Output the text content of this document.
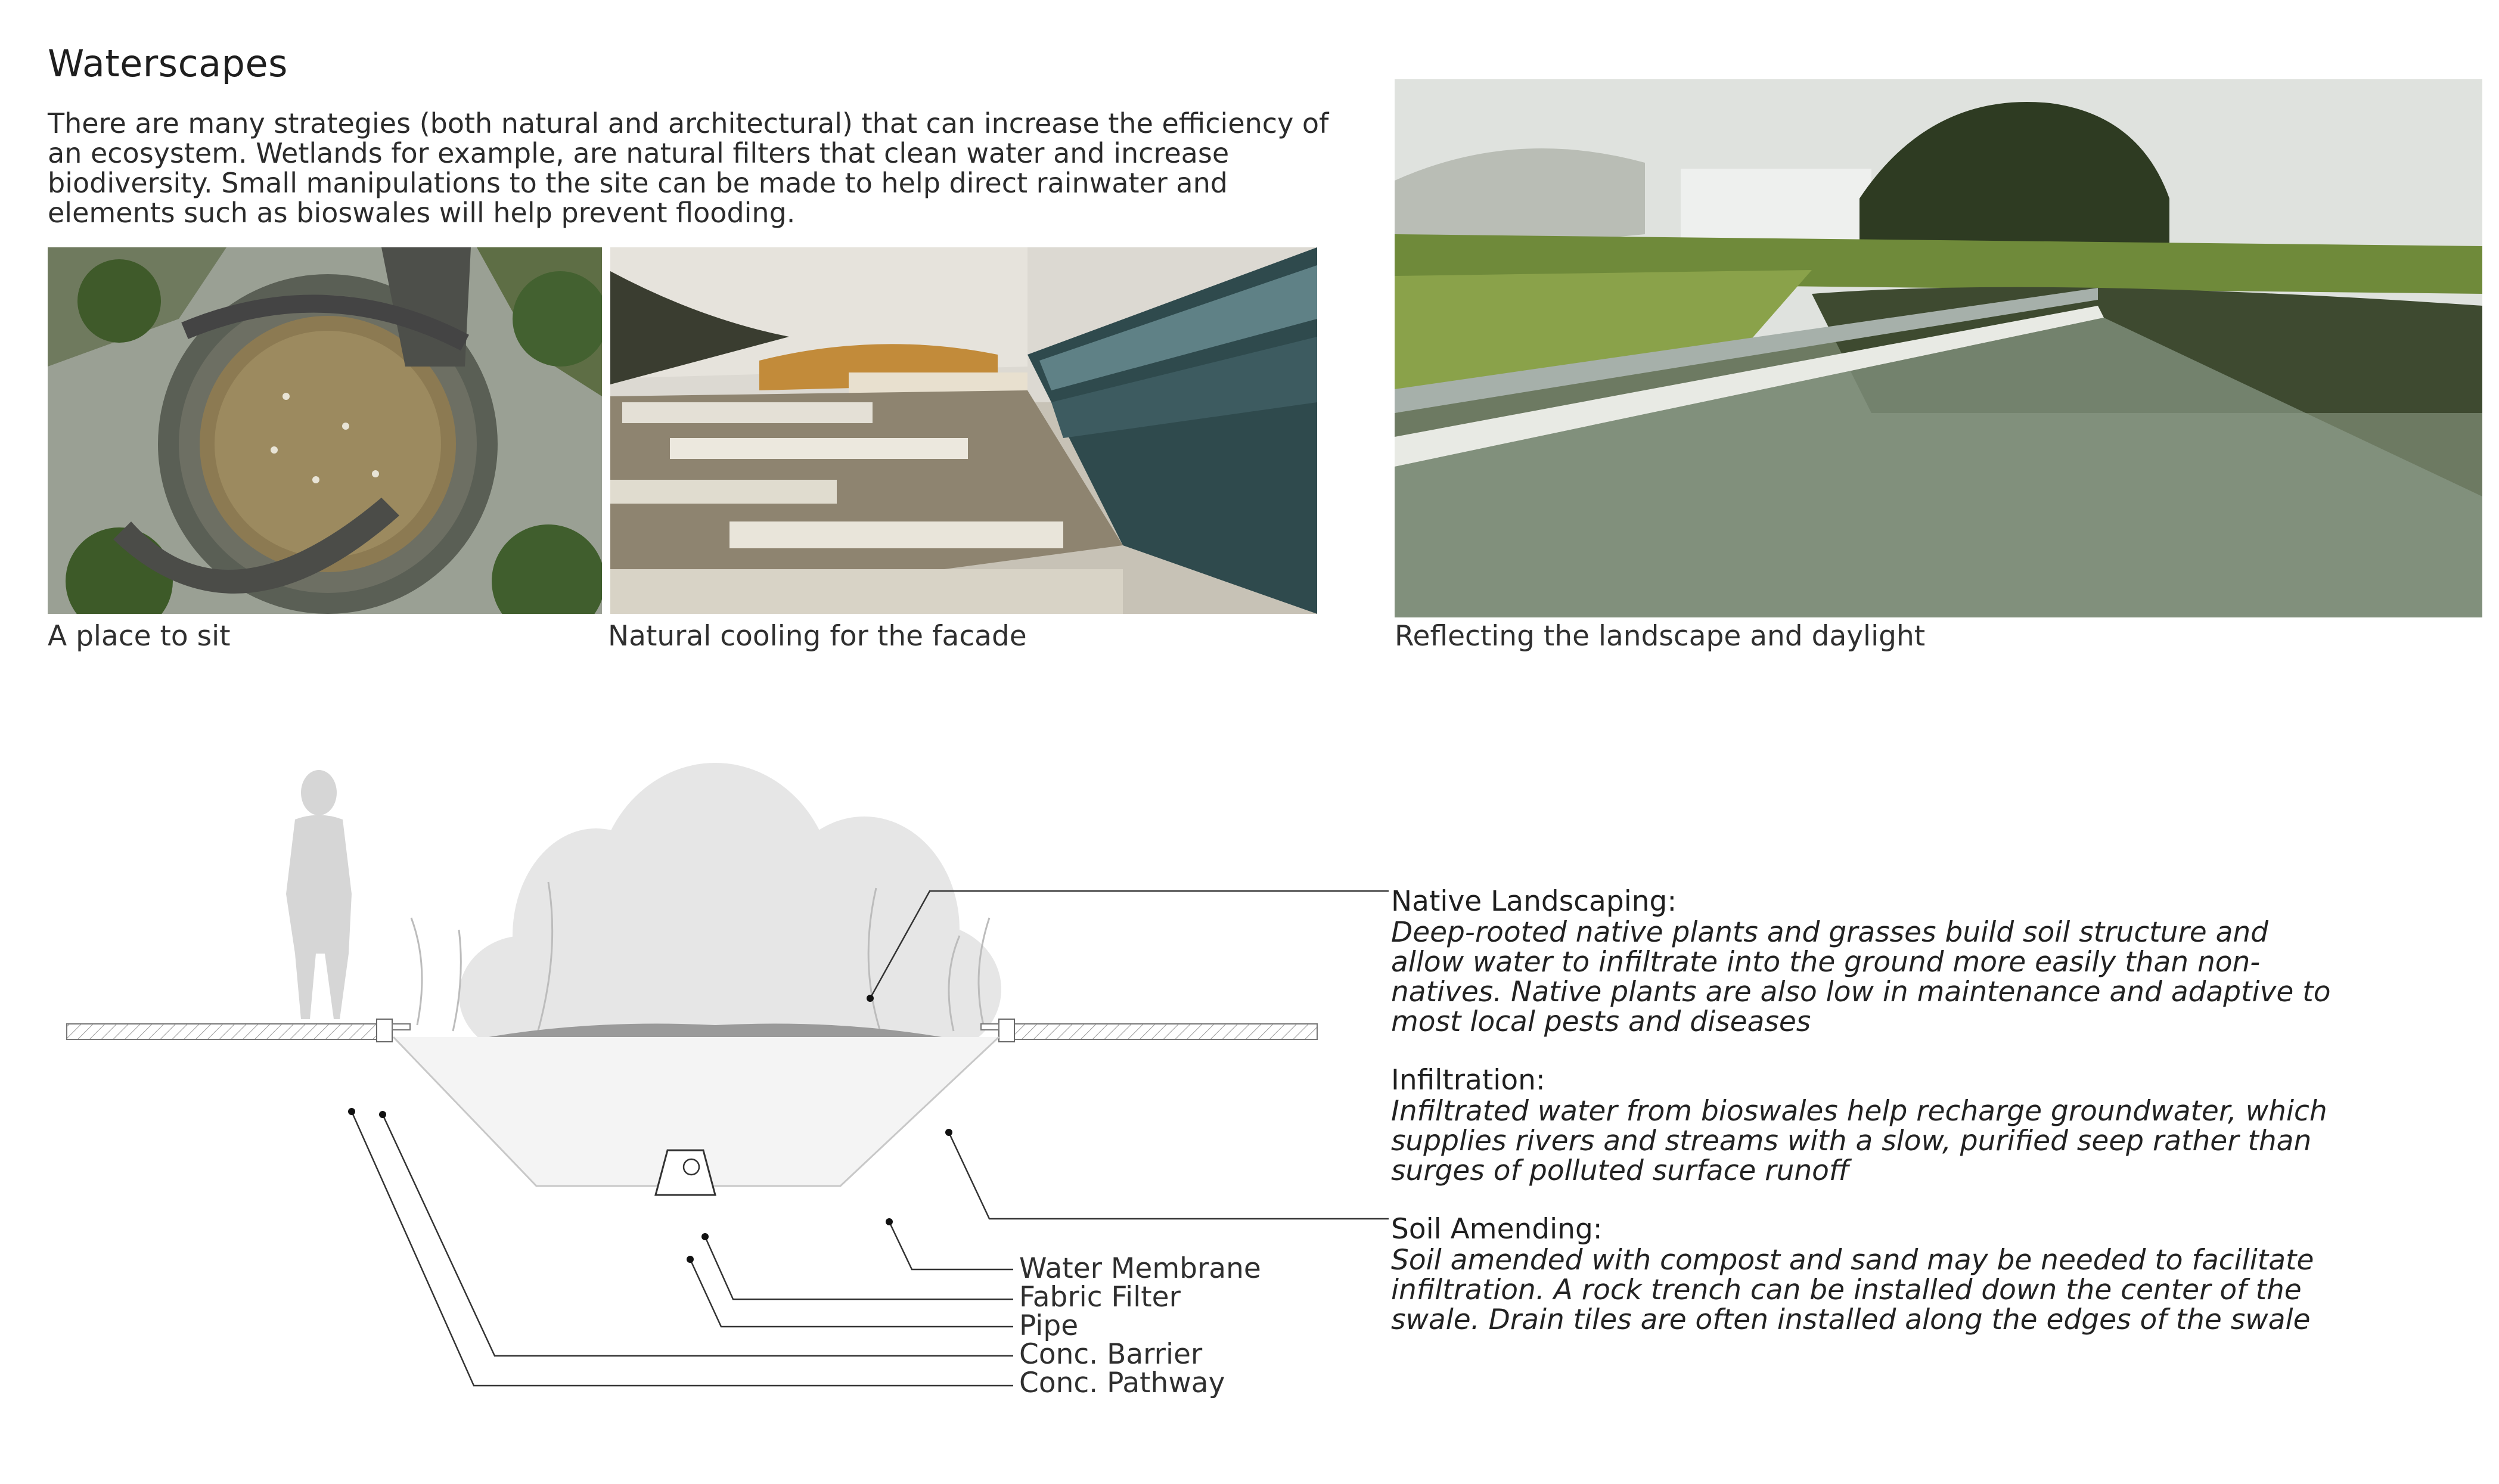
Waterscapes
There are many strategies (both natural and architectural) that can increase the efficiency of an ecosystem. Wetlands for example, are natural filters that clean water and increase biodiversity. Small manipulations to the site can be made to help direct rainwater and elements such as bioswales will help prevent flooding.
A place to sit	Natural cooling for the facade	Reflecting the landscape and daylight
Water Membrane
Fabric Filter
Pipe
Conc. Barrier
Conc. Pathway
Native Landscaping:
Deep-rooted native plants and grasses build soil structure and allow water to infiltrate into the ground more easily than non-natives. Native plants are also low in maintenance and adaptive to most local pests and diseases
Infiltration:
Infiltrated water from bioswales help recharge groundwater, which supplies rivers and streams with a slow, purified seep rather than surges of polluted surface runoff
Soil Amending:
Soil amended with compost and sand may be needed to facilitate infiltration. A rock trench can be installed down the center of the swale. Drain tiles are often installed along the edges of the swale
